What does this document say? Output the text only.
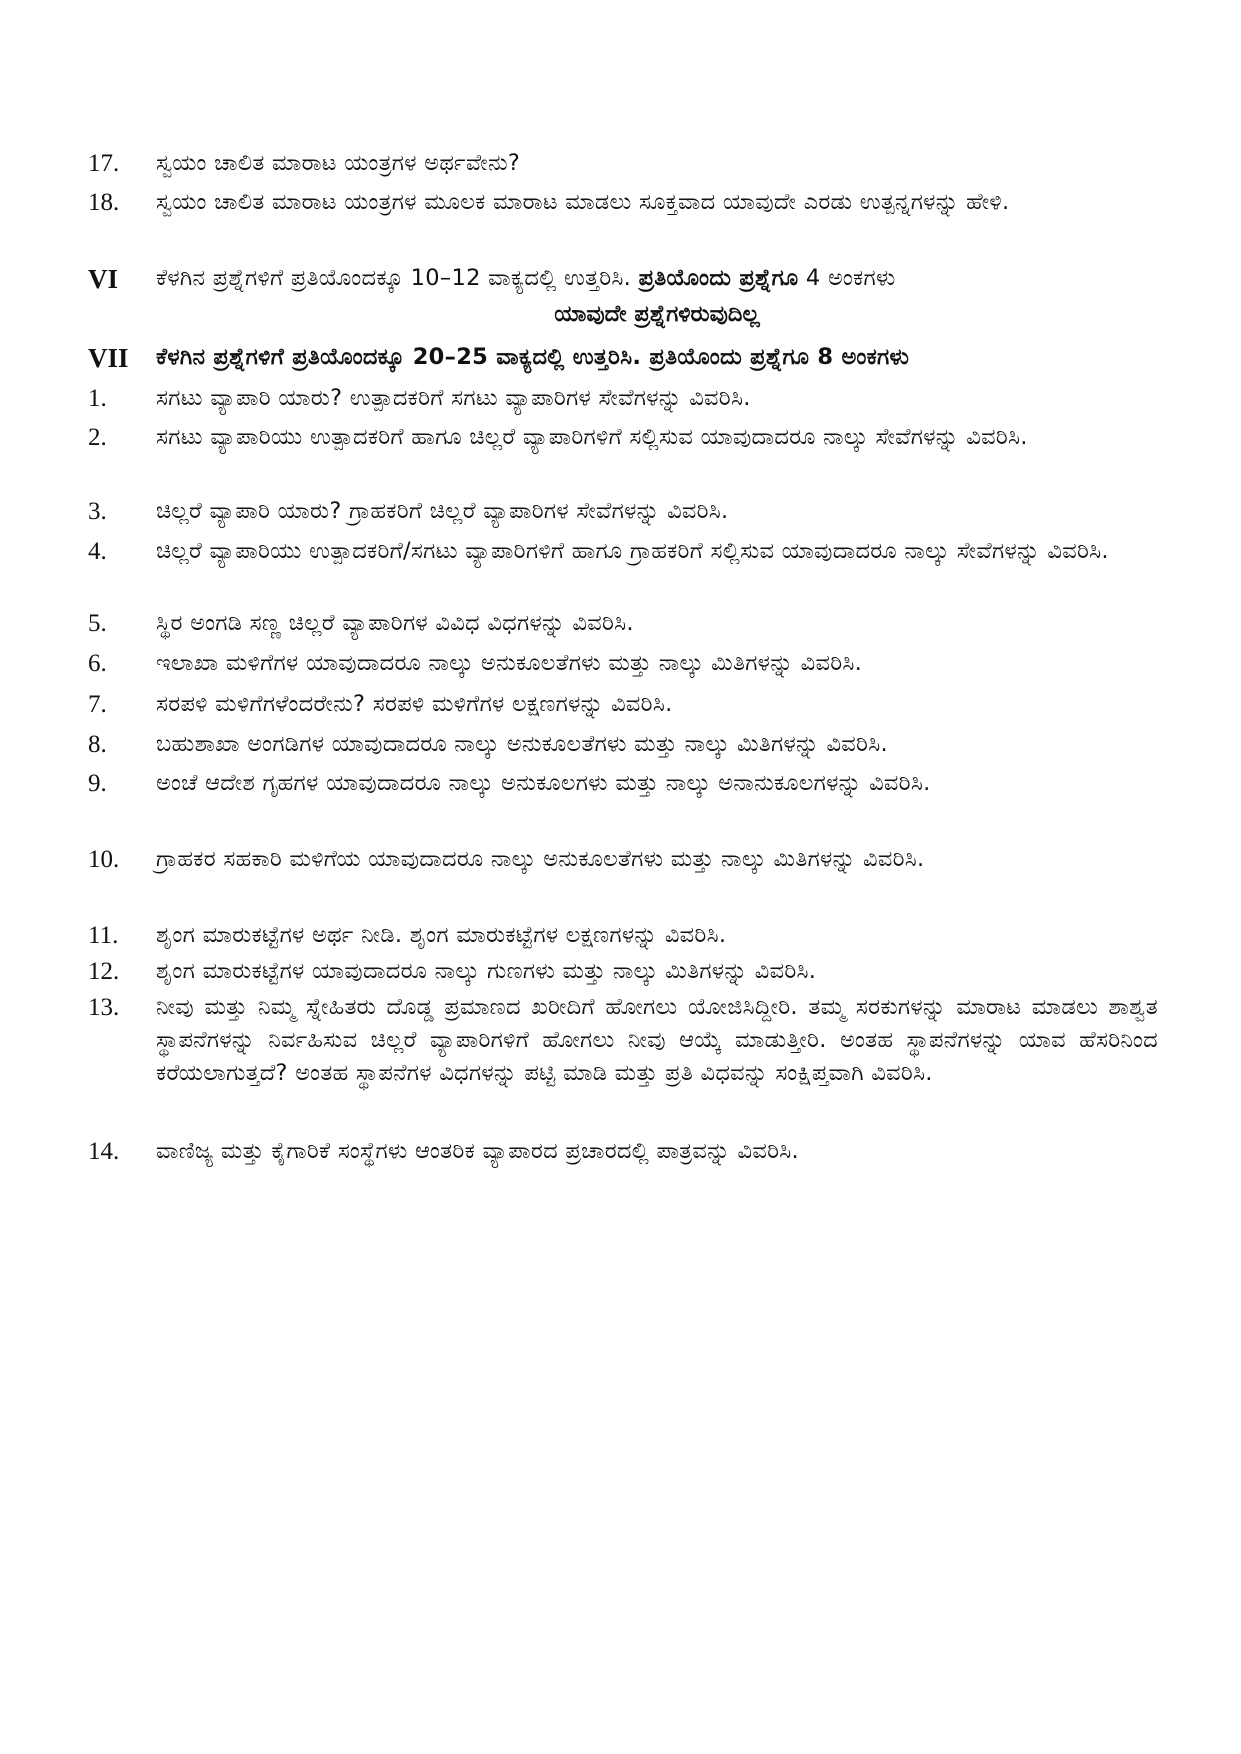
17. ಸ್ವಯಂ ಚಾಲಿತ ಮಾರಾಟ ಯಂತ್ರಗಳ ಅರ್ಥವೇನು?
18. ಸ್ವಯಂ ಚಾಲಿತ ಮಾರಾಟ ಯಂತ್ರಗಳ ಮೂಲಕ ಮಾರಾಟ ಮಾಡಲು ಸೂಕ್ತವಾದ ಯಾವುದೇ ಎರಡು ಉತ್ಪನ್ನಗಳನ್ನು ಹೇಳಿ.
VI ಕೆಳಗಿನ ಪ್ರಶ್ನೆಗಳಿಗೆ ಪ್ರತಿಯೊಂದಕ್ಕೂ 10–12 ವಾಕ್ಯದಲ್ಲಿ ಉತ್ತರಿಸಿ. ಪ್ರತಿಯೊಂದು ಪ್ರಶ್ನೆಗೂ 4 ಅಂಕಗಳು
ಯಾವುದೇ ಪ್ರಶ್ನೆಗಳಿರುವುದಿಲ್ಲ
VII ಕೆಳಗಿನ ಪ್ರಶ್ನೆಗಳಿಗೆ ಪ್ರತಿಯೊಂದಕ್ಕೂ 20–25 ವಾಕ್ಯದಲ್ಲಿ ಉತ್ತರಿಸಿ. ಪ್ರತಿಯೊಂದು ಪ್ರಶ್ನೆಗೂ 8 ಅಂಕಗಳು
1. ಸಗಟು ವ್ಯಾಪಾರಿ ಯಾರು? ಉತ್ಪಾದಕರಿಗೆ ಸಗಟು ವ್ಯಾಪಾರಿಗಳ ಸೇವೆಗಳನ್ನು ವಿವರಿಸಿ.
2. ಸಗಟು ವ್ಯಾಪಾರಿಯು ಉತ್ಪಾದಕರಿಗೆ ಹಾಗೂ ಚಿಲ್ಲರೆ ವ್ಯಾಪಾರಿಗಳಿಗೆ ಸಲ್ಲಿಸುವ ಯಾವುದಾದರೂ ನಾಲ್ಕು ಸೇವೆಗಳನ್ನು ವಿವರಿಸಿ.
3. ಚಿಲ್ಲರೆ ವ್ಯಾಪಾರಿ ಯಾರು? ಗ್ರಾಹಕರಿಗೆ ಚಿಲ್ಲರೆ ವ್ಯಾಪಾರಿಗಳ ಸೇವೆಗಳನ್ನು ವಿವರಿಸಿ.
4. ಚಿಲ್ಲರೆ ವ್ಯಾಪಾರಿಯು ಉತ್ಪಾದಕರಿಗೆ/ಸಗಟು ವ್ಯಾಪಾರಿಗಳಿಗೆ ಹಾಗೂ ಗ್ರಾಹಕರಿಗೆ ಸಲ್ಲಿಸುವ ಯಾವುದಾದರೂ ನಾಲ್ಕು ಸೇವೆಗಳನ್ನು ವಿವರಿಸಿ.
5. ಸ್ಥಿರ ಅಂಗಡಿ ಸಣ್ಣ ಚಿಲ್ಲರೆ ವ್ಯಾಪಾರಿಗಳ ವಿವಿಧ ವಿಧಗಳನ್ನು ವಿವರಿಸಿ.
6. ಇಲಾಖಾ ಮಳಿಗೆಗಳ ಯಾವುದಾದರೂ ನಾಲ್ಕು ಅನುಕೂಲತೆಗಳು ಮತ್ತು ನಾಲ್ಕು ಮಿತಿಗಳನ್ನು ವಿವರಿಸಿ.
7. ಸರಪಳಿ ಮಳಿಗೆಗಳೆಂದರೇನು? ಸರಪಳಿ ಮಳಿಗೆಗಳ ಲಕ್ಷಣಗಳನ್ನು ವಿವರಿಸಿ.
8. ಬಹುಶಾಖಾ ಅಂಗಡಿಗಳ ಯಾವುದಾದರೂ ನಾಲ್ಕು ಅನುಕೂಲತೆಗಳು ಮತ್ತು ನಾಲ್ಕು ಮಿತಿಗಳನ್ನು ವಿವರಿಸಿ.
9. ಅಂಚೆ ಆದೇಶ ಗೃಹಗಳ ಯಾವುದಾದರೂ ನಾಲ್ಕು ಅನುಕೂಲಗಳು ಮತ್ತು ನಾಲ್ಕು ಅನಾನುಕೂಲಗಳನ್ನು ವಿವರಿಸಿ.
10. ಗ್ರಾಹಕರ ಸಹಕಾರಿ ಮಳಿಗೆಯ ಯಾವುದಾದರೂ ನಾಲ್ಕು ಅನುಕೂಲತೆಗಳು ಮತ್ತು ನಾಲ್ಕು ಮಿತಿಗಳನ್ನು ವಿವರಿಸಿ.
11. ಶೃಂಗ ಮಾರುಕಟ್ಟೆಗಳ ಅರ್ಥ ನೀಡಿ. ಶೃಂಗ ಮಾರುಕಟ್ಟೆಗಳ ಲಕ್ಷಣಗಳನ್ನು ವಿವರಿಸಿ.
12. ಶೃಂಗ ಮಾರುಕಟ್ಟೆಗಳ ಯಾವುದಾದರೂ ನಾಲ್ಕು ಗುಣಗಳು ಮತ್ತು ನಾಲ್ಕು ಮಿತಿಗಳನ್ನು ವಿವರಿಸಿ.
13. ನೀವು ಮತ್ತು ನಿಮ್ಮ ಸ್ನೇಹಿತರು ದೊಡ್ಡ ಪ್ರಮಾಣದ ಖರೀದಿಗೆ ಹೋಗಲು ಯೋಜಿಸಿದ್ದೀರಿ. ತಮ್ಮ ಸರಕುಗಳನ್ನು ಮಾರಾಟ ಮಾಡಲು ಶಾಶ್ವತ ಸ್ಥಾಪನೆಗಳನ್ನು ನಿರ್ವಹಿಸುವ ಚಿಲ್ಲರೆ ವ್ಯಾಪಾರಿಗಳಿಗೆ ಹೋಗಲು ನೀವು ಆಯ್ಕೆ ಮಾಡುತ್ತೀರಿ. ಅಂತಹ ಸ್ಥಾಪನೆಗಳನ್ನು ಯಾವ ಹೆಸರಿನಿಂದ ಕರೆಯಲಾಗುತ್ತದೆ? ಅಂತಹ ಸ್ಥಾಪನೆಗಳ ವಿಧಗಳನ್ನು ಪಟ್ಟಿ ಮಾಡಿ ಮತ್ತು ಪ್ರತಿ ವಿಧವನ್ನು ಸಂಕ್ಷಿಪ್ತವಾಗಿ ವಿವರಿಸಿ.
14. ವಾಣಿಜ್ಯ ಮತ್ತು ಕೈಗಾರಿಕೆ ಸಂಸ್ಥೆಗಳು ಆಂತರಿಕ ವ್ಯಾಪಾರದ ಪ್ರಚಾರದಲ್ಲಿ ಪಾತ್ರವನ್ನು ವಿವರಿಸಿ.
